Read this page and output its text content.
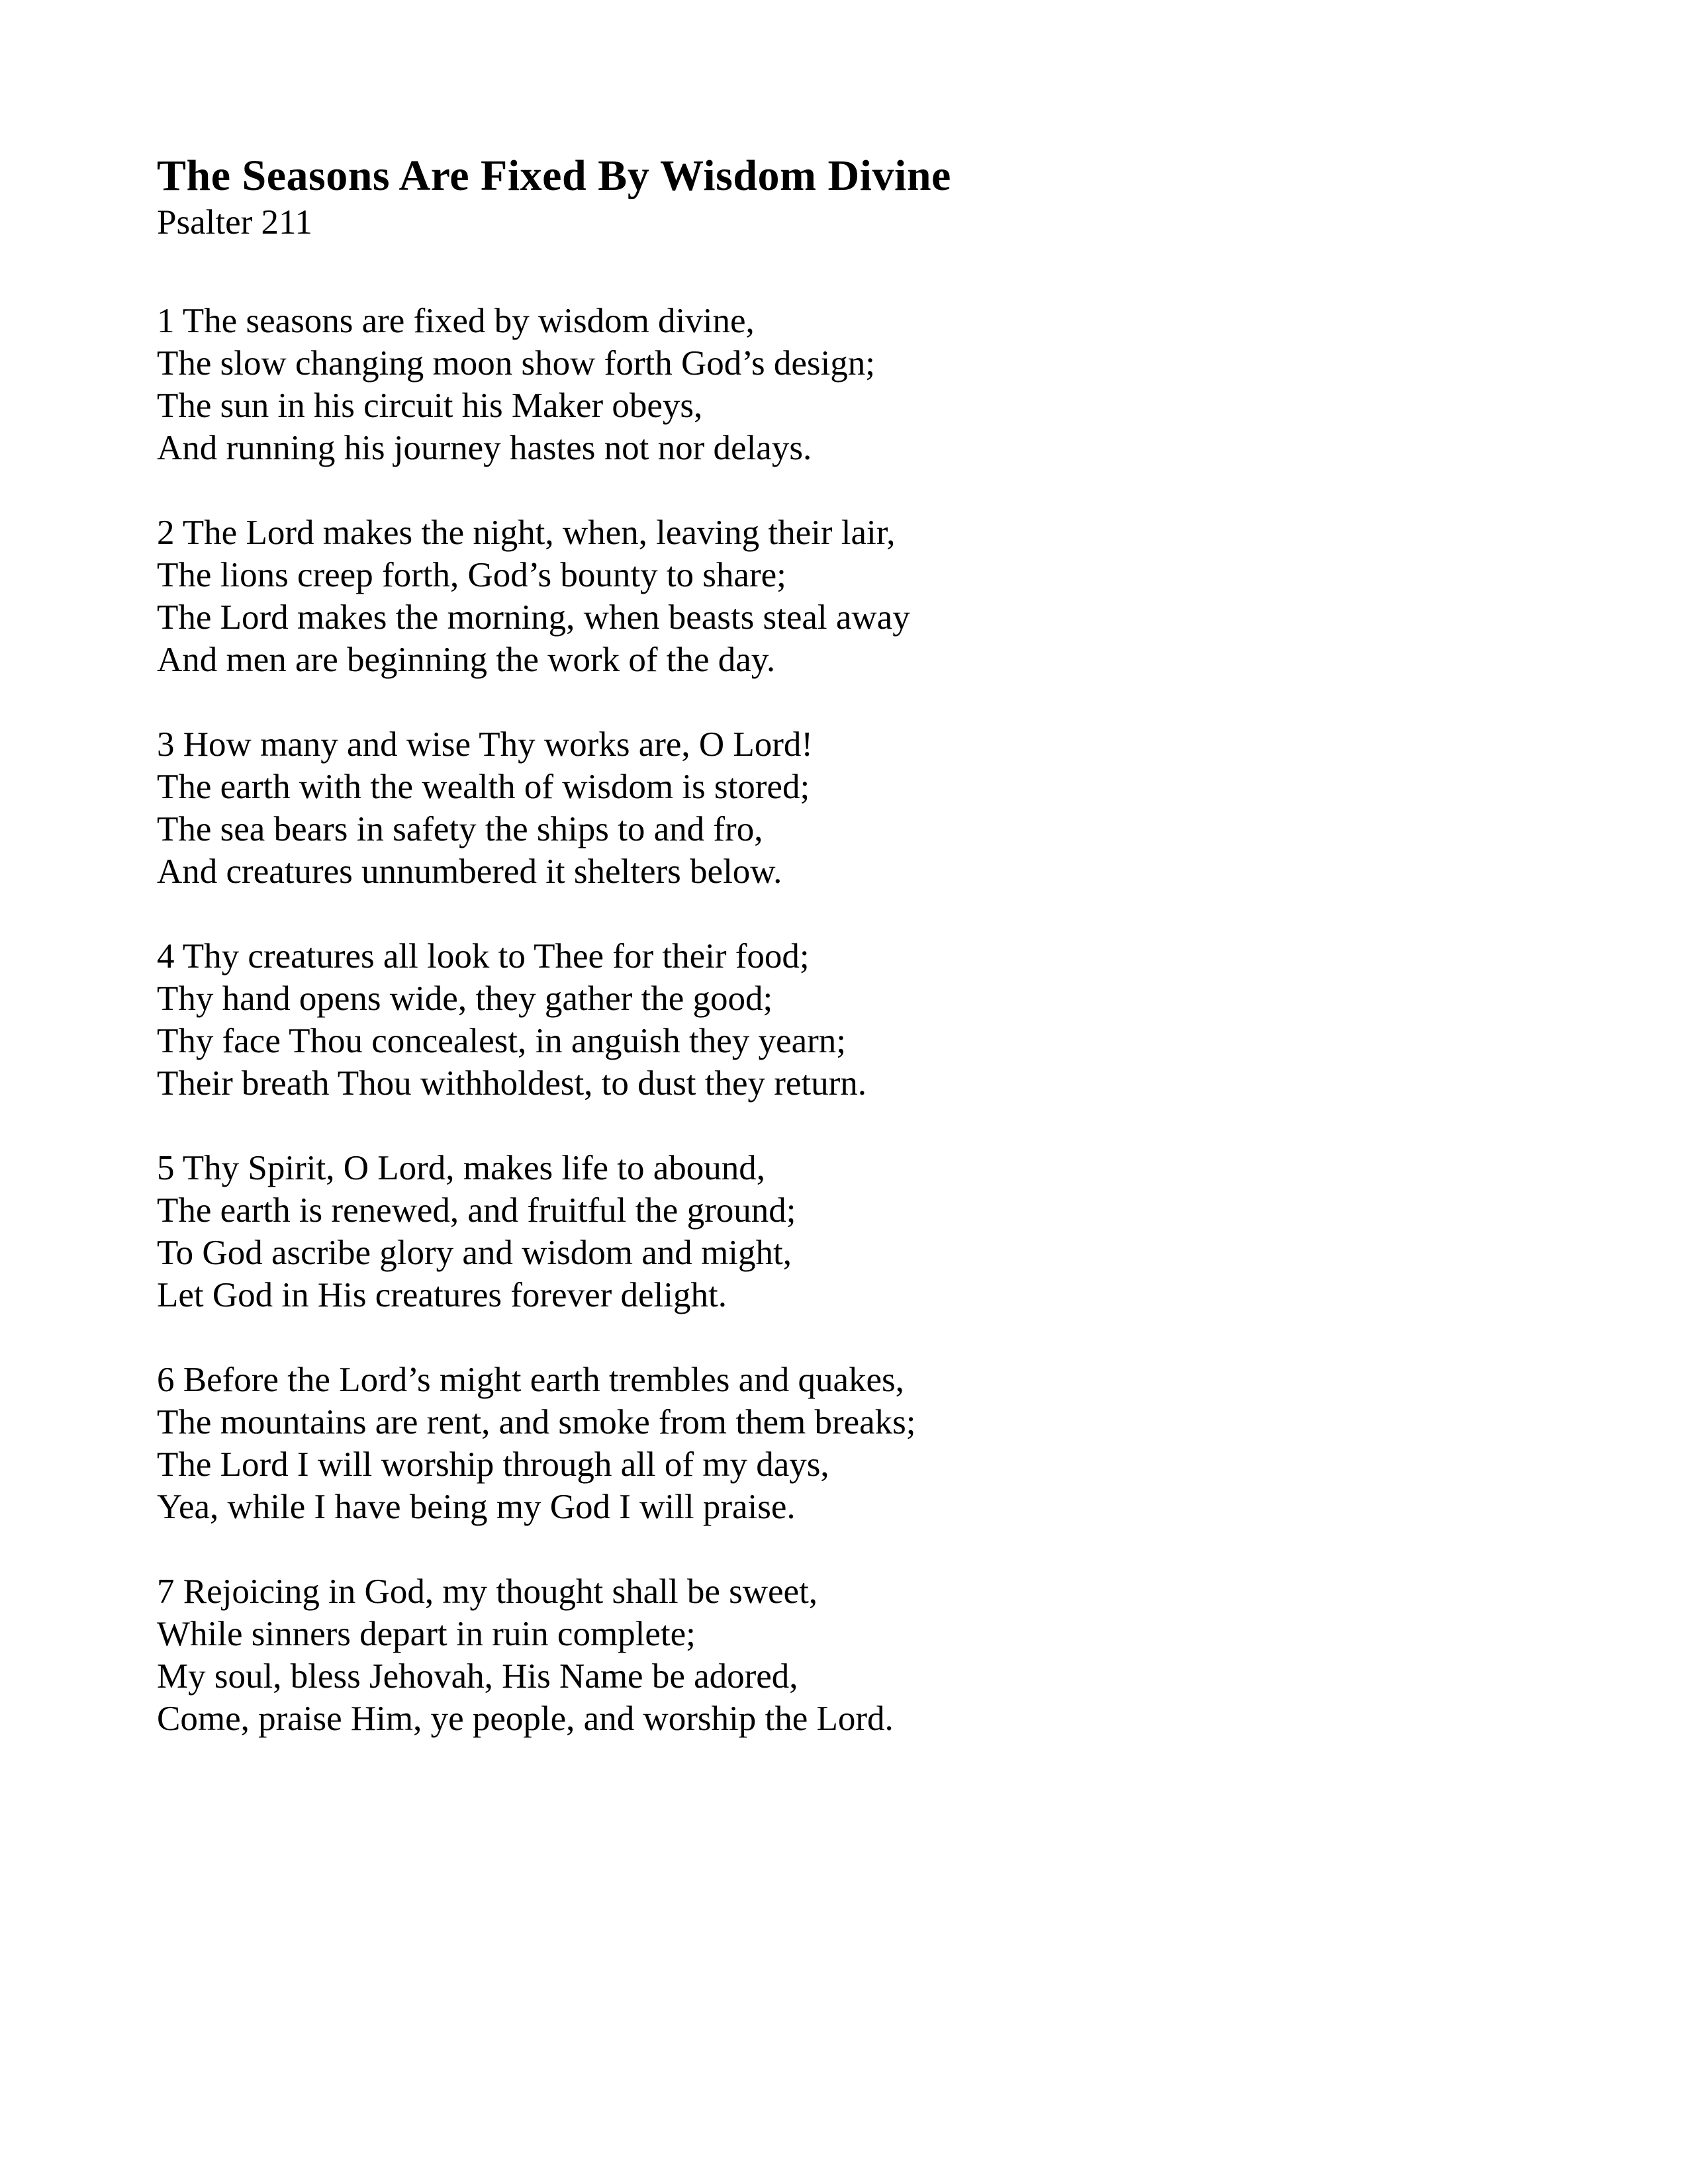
The Seasons Are Fixed By Wisdom Divine
Psalter 211

1 The seasons are fixed by wisdom divine,
The slow changing moon show forth God’s design;
The sun in his circuit his Maker obeys,
And running his journey hastes not nor delays.

2 The Lord makes the night, when, leaving their lair,
The lions creep forth, God’s bounty to share;
The Lord makes the morning, when beasts steal away
And men are beginning the work of the day.

3 How many and wise Thy works are, O Lord!
The earth with the wealth of wisdom is stored;
The sea bears in safety the ships to and fro,
And creatures unnumbered it shelters below.

4 Thy creatures all look to Thee for their food;
Thy hand opens wide, they gather the good;
Thy face Thou concealest, in anguish they yearn;
Their breath Thou withholdest, to dust they return.

5 Thy Spirit, O Lord, makes life to abound,
The earth is renewed, and fruitful the ground;
To God ascribe glory and wisdom and might,
Let God in His creatures forever delight.

6 Before the Lord’s might earth trembles and quakes,
The mountains are rent, and smoke from them breaks;
The Lord I will worship through all of my days,
Yea, while I have being my God I will praise.

7 Rejoicing in God, my thought shall be sweet,
While sinners depart in ruin complete;
My soul, bless Jehovah, His Name be adored,
Come, praise Him, ye people, and worship the Lord.
